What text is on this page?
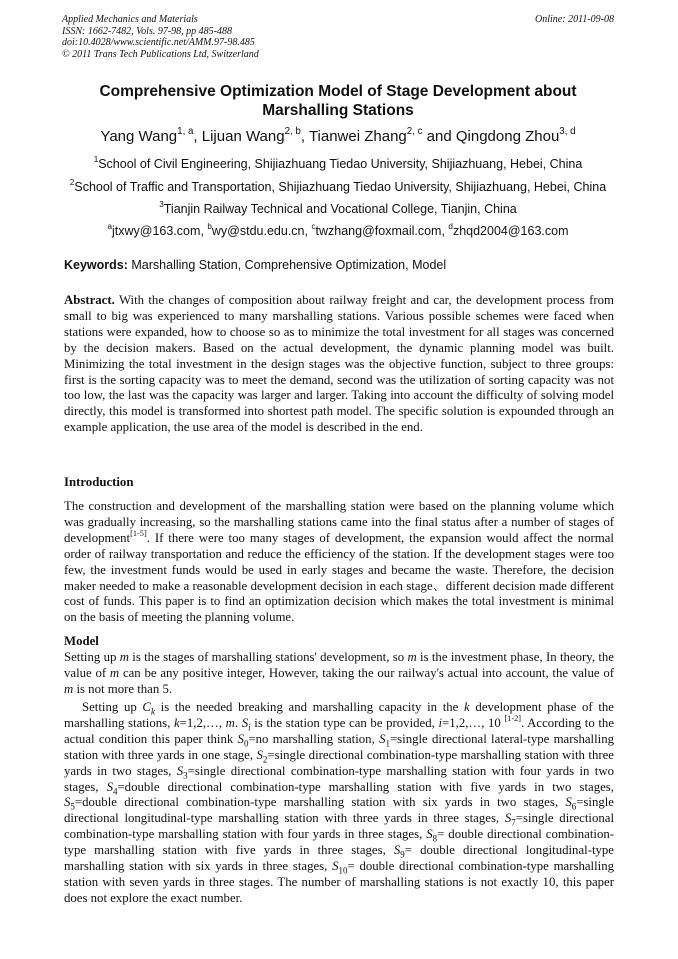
Applied Mechanics and Materials
ISSN: 1662-7482, Vols. 97-98, pp 485-488
doi:10.4028/www.scientific.net/AMM.97-98.485
© 2011 Trans Tech Publications Ltd, Switzerland
Online: 2011-09-08
Comprehensive Optimization Model of Stage Development about
Marshalling Stations
Yang Wang$^{1, a}$, Lijuan Wang$^{2, b}$, Tianwei Zhang$^{2, c}$ and Qingdong Zhou$^{3, d}$
$^1$School of Civil Engineering, Shijiazhuang Tiedao University, Shijiazhuang, Hebei, China
$^2$School of Traffic and Transportation, Shijiazhuang Tiedao University, Shijiazhuang, Hebei, China
$^3$Tianjin Railway Technical and Vocational College, Tianjin, China
$^a$jtxwy@163.com, $^b$wy@stdu.edu.cn, $^c$twzhang@foxmail.com, $^d$zhqd2004@163.com
Keywords: Marshalling Station, Comprehensive Optimization, Model
Abstract. With the changes of composition about railway freight and car, the development process from small to big was experienced to many marshalling stations. Various possible schemes were faced when stations were expanded, how to choose so as to minimize the total investment for all stages was concerned by the decision makers. Based on the actual development, the dynamic planning model was built. Minimizing the total investment in the design stages was the objective function, subject to three groups: first is the sorting capacity was to meet the demand, second was the utilization of sorting capacity was not too low, the last was the capacity was larger and larger. Taking into account the difficulty of solving model directly, this model is transformed into shortest path model. The specific solution is expounded through an example application, the use area of the model is described in the end.
Introduction
The construction and development of the marshalling station were based on the planning volume which was gradually increasing, so the marshalling stations came into the final status after a number of stages of development[1-5]. If there were too many stages of development, the expansion would affect the normal order of railway transportation and reduce the efficiency of the station. If the development stages were too few, the investment funds would be used in early stages and became the waste. Therefore, the decision maker needed to make a reasonable development decision in each stage、different decision made different cost of funds. This paper is to find an optimization decision which makes the total investment is minimal on the basis of meeting the planning volume.
Model
Setting up m is the stages of marshalling stations' development, so m is the investment phase, In theory, the value of m can be any positive integer, However, taking the our railway's actual into account, the value of m is not more than 5.
Setting up $C_k$ is the needed breaking and marshalling capacity in the k development phase of the marshalling stations, k=1,2,…, m. $S_i$ is the station type can be provided, i=1,2,…, 10 [1-2]. According to the actual condition this paper think $S_0=no$ marshalling station, $S_1=single$ directional lateral-type marshalling station with three yards in one stage, $S_2=single$ directional combination-type marshalling station with three yards in two stages, $S_3=single$ directional combination-type marshalling station with four yards in two stages, $S_4=double$ directional combination-type marshalling station with five yards in two stages, $S_5=double$ directional combination-type marshalling station with six yards in two stages, $S_6=single$ directional longitudinal-type marshalling station with three yards in three stages, $S_7=single$ directional combination-type marshalling station with four yards in three stages, $S_8=$ double directional combination-type marshalling station with five yards in three stages, $S_9=$ double directional longitudinal-type marshalling station with six yards in three stages, $S_{10}=$ double directional combination-type marshalling station with seven yards in three stages. The number of marshalling stations is not exactly 10, this paper does not explore the exact number.
